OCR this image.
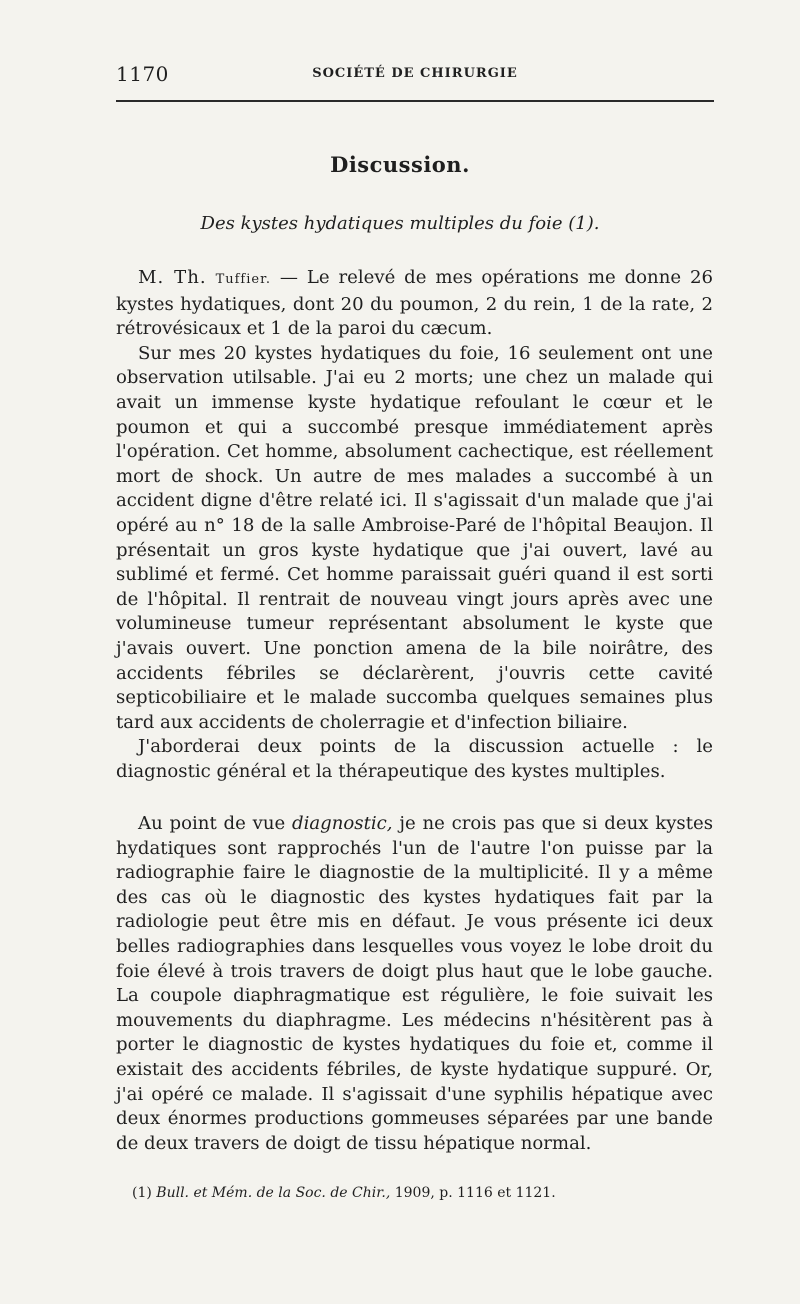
1170	SOCIÉTÉ DE CHIRURGIE
Discussion.
Des kystes hydatiques multiples du foie (1).

M. Th. Tuffier. — Le relevé de mes opérations me donne 26 kystes hydatiques, dont 20 du poumon, 2 du rein, 1 de la rate, 2 rétrovésicaux et 1 de la paroi du cæcum.

Sur mes 20 kystes hydatiques du foie, 16 seulement ont une observation utilsable. J'ai eu 2 morts; une chez un malade qui avait un immense kyste hydatique refoulant le cœur et le poumon et qui a succombé presque immédiatement après l'opération. Cet homme, absolument cachectique, est réellement mort de shock. Un autre de mes malades a succombé à un accident digne d'être relaté ici. Il s'agissait d'un malade que j'ai opéré au n° 18 de la salle Ambroise-Paré de l'hôpital Beaujon. Il présentait un gros kyste hydatique que j'ai ouvert, lavé au sublimé et fermé. Cet homme paraissait guéri quand il est sorti de l'hôpital. Il rentrait de nouveau vingt jours après avec une volumineuse tumeur représentant absolument le kyste que j'avais ouvert. Une ponction amena de la bile noirâtre, des accidents fébriles se déclarèrent, j'ouvris cette cavité septicobiliaire et le malade succomba quelques semaines plus tard aux accidents de cholerragie et d'infection biliaire.

J'aborderai deux points de la discussion actuelle : le diagnostic général et la thérapeutique des kystes multiples.

Au point de vue diagnostic, je ne crois pas que si deux kystes hydatiques sont rapprochés l'un de l'autre l'on puisse par la radiographie faire le diagnostie de la multiplicité. Il y a même des cas où le diagnostic des kystes hydatiques fait par la radiologie peut être mis en défaut. Je vous présente ici deux belles radiographies dans lesquelles vous voyez le lobe droit du foie élevé à trois travers de doigt plus haut que le lobe gauche. La coupole diaphragmatique est régulière, le foie suivait les mouvements du diaphragme. Les médecins n'hésitèrent pas à porter le diagnostic de kystes hydatiques du foie et, comme il existait des accidents fébriles, de kyste hydatique suppuré. Or, j'ai opéré ce malade. Il s'agissait d'une syphilis hépatique avec deux énormes productions gommeuses séparées par une bande de deux travers de doigt de tissu hépatique normal.

(1) Bull. et Mém. de la Soc. de Chir., 1909, p. 1116 et 1121.
